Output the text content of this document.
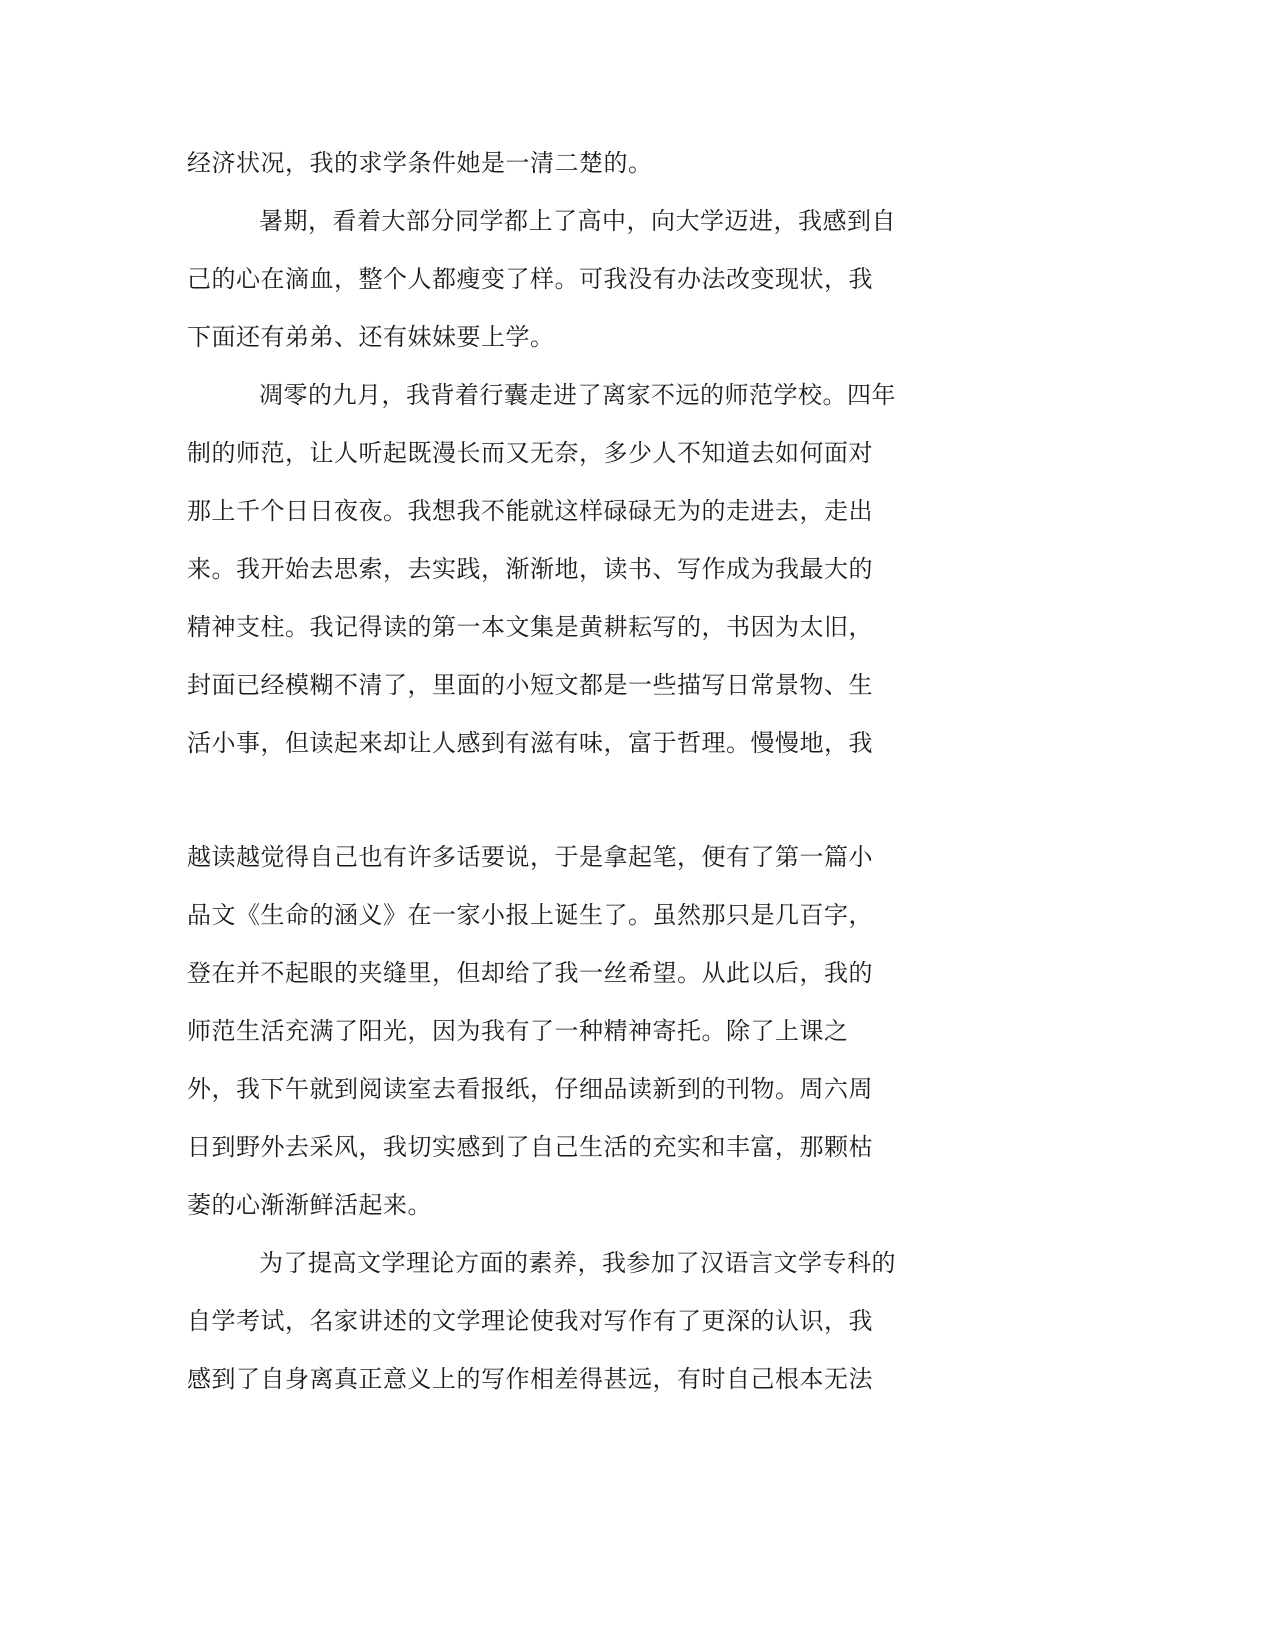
经济状况，我的求学条件她是一清二楚的。
暑期，看着大部分同学都上了高中，向大学迈进，我感到自
己的心在滴血，整个人都瘦变了样。可我没有办法改变现状，我
下面还有弟弟、还有妹妹要上学。
凋零的九月，我背着行囊走进了离家不远的师范学校。四年
制的师范，让人听起既漫长而又无奈，多少人不知道去如何面对
那上千个日日夜夜。我想我不能就这样碌碌无为的走进去，走出
来。我开始去思索，去实践，渐渐地，读书、写作成为我最大的
精神支柱。我记得读的第一本文集是黄耕耘写的，书因为太旧，
封面已经模糊不清了，里面的小短文都是一些描写日常景物、生
活小事，但读起来却让人感到有滋有味，富于哲理。慢慢地，我
越读越觉得自己也有许多话要说，于是拿起笔，便有了第一篇小
品文《生命的涵义》在一家小报上诞生了。虽然那只是几百字，
登在并不起眼的夹缝里，但却给了我一丝希望。从此以后，我的
师范生活充满了阳光，因为我有了一种精神寄托。除了上课之
外，我下午就到阅读室去看报纸，仔细品读新到的刊物。周六周
日到野外去采风，我切实感到了自己生活的充实和丰富，那颗枯
萎的心渐渐鲜活起来。
为了提高文学理论方面的素养，我参加了汉语言文学专科的
自学考试，名家讲述的文学理论使我对写作有了更深的认识，我
感到了自身离真正意义上的写作相差得甚远，有时自己根本无法
